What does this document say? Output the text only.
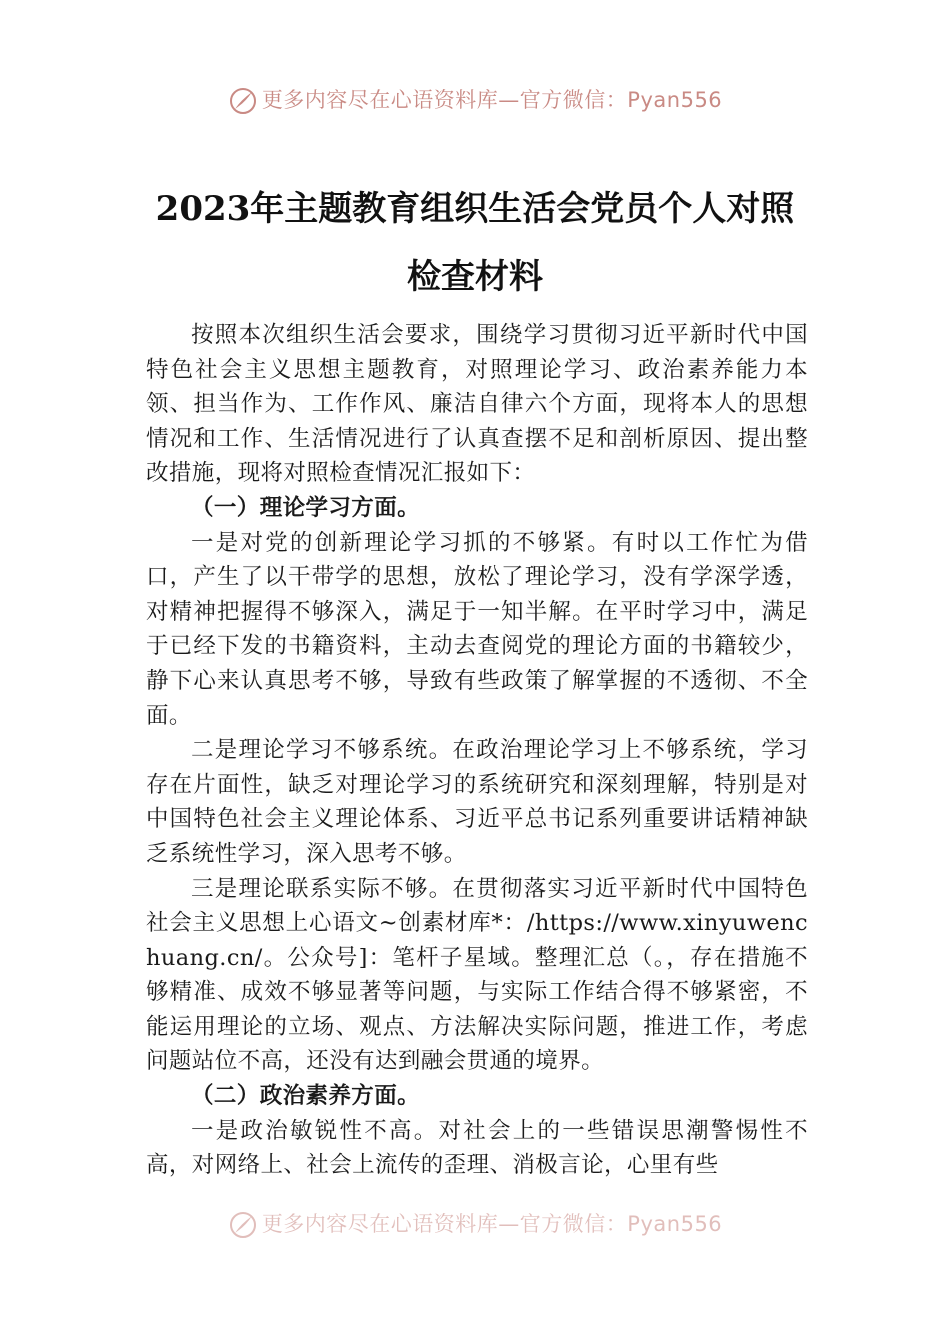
更多内容尽在心语资料库—官方微信：Pyan556
2023年主题教育组织生活会党员个人对照
检查材料

按照本次组织生活会要求，围绕学习贯彻习近平新时代中国特色社会主义思想主题教育，对照理论学习、政治素养能力本领、担当作为、工作作风、廉洁自律六个方面，现将本人的思想情况和工作、生活情况进行了认真查摆不足和剖析原因、提出整改措施，现将对照检查情况汇报如下：

（一）理论学习方面。

一是对党的创新理论学习抓的不够紧。有时以工作忙为借口，产生了以干带学的思想，放松了理论学习，没有学深学透，对精神把握得不够深入，满足于一知半解。在平时学习中，满足于已经下发的书籍资料，主动去查阅党的理论方面的书籍较少，静下心来认真思考不够，导致有些政策了解掌握的不透彻、不全面。

二是理论学习不够系统。在政治理论学习上不够系统，学习存在片面性，缺乏对理论学习的系统研究和深刻理解，特别是对中国特色社会主义理论体系、习近平总书记系列重要讲话精神缺乏系统性学习，深入思考不够。

三是理论联系实际不够。在贯彻落实习近平新时代中国特色社会主义思想上心语文~创素材库*：/https://www.xinyuwenchuang.cn/。公众号]：笔杆子星域。整理汇总（。，存在措施不够精准、成效不够显著等问题，与实际工作结合得不够紧密，不能运用理论的立场、观点、方法解决实际问题，推进工作，考虑问题站位不高，还没有达到融会贯通的境界。

（二）政治素养方面。

一是政治敏锐性不高。对社会上的一些错误思潮警惕性不高，对网络上、社会上流传的歪理、消极言论，心里有些

更多内容尽在心语资料库—官方微信：Pyan556
